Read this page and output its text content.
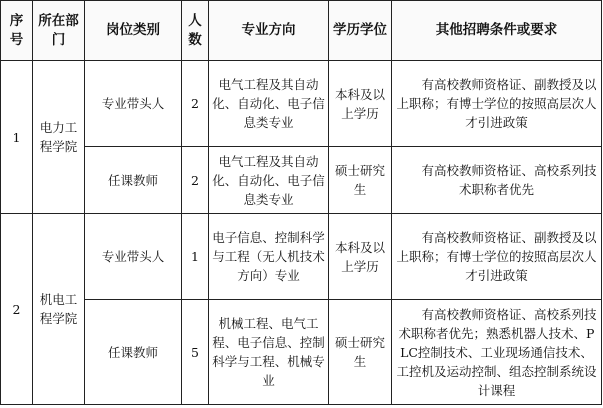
序号	所在部门	岗位类别	人数	专业方向	学历学位	其他招聘条件或要求
1	电力工程学院	专业带头人	2	电气工程及其自动化、自动化、电子信息类专业	本科及以上学历	有高校教师资格证、副教授及以上职称；有博士学位的按照高层次人才引进政策

		任课教师	2	电气工程及其自动化、自动化、电子信息类专业	硕士研究生	有高校教师资格证、高校系列技术职称者优先

2	机电工程学院	专业带头人	1	电子信息、控制科学与工程（无人机技术方向）专业	本科及以上学历	有高校教师资格证、副教授及以上职称；有博士学位的按照高层次人才引进政策

		任课教师	5	机械工程、电气工程、电子信息、控制科学与工程、机械专业	硕士研究生	有高校教师资格证、高校系列技术职称者优先；熟悉机器人技术、PLC控制技术、工业现场通信技术、工控机及运动控制、组态控制系统设计课程
